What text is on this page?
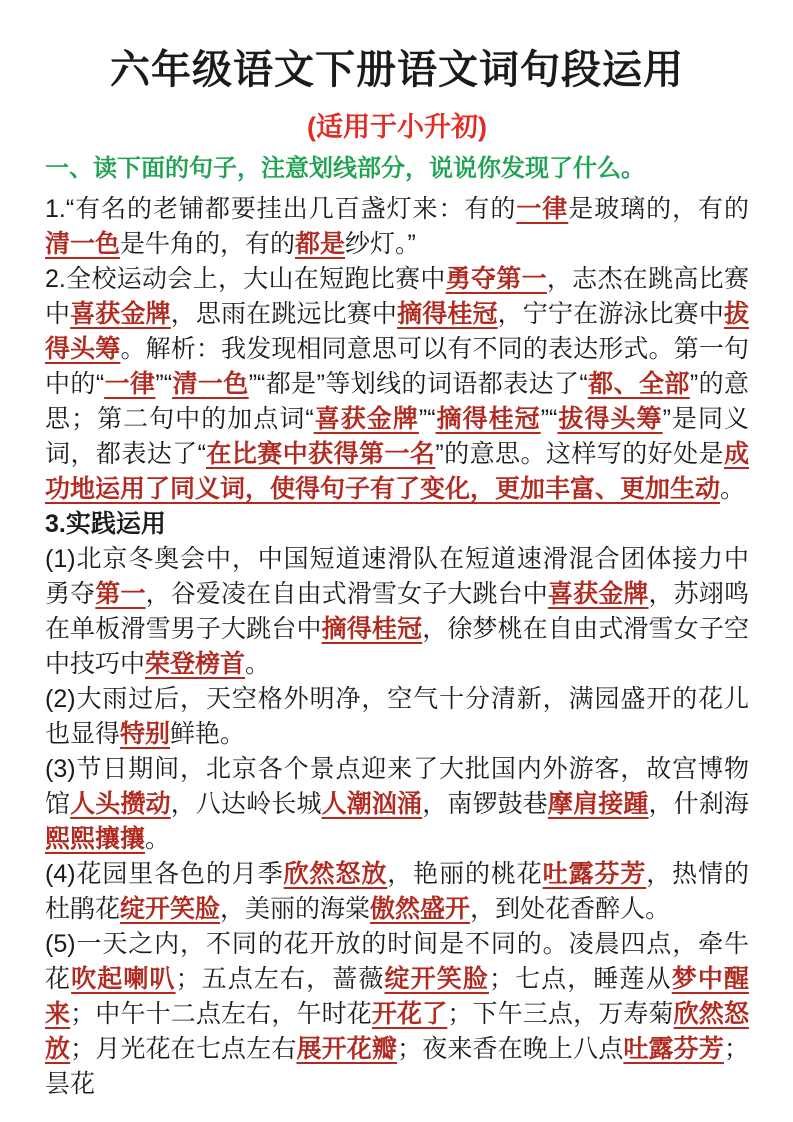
六年级语文下册语文词句段运用
(适用于小升初)
一、读下面的句子，注意划线部分，说说你发现了什么。

1.“有名的老铺都要挂出几百盏灯来：有的一律是玻璃的，有的清一色是牛角的，有的都是纱灯。”

2.全校运动会上，大山在短跑比赛中勇夺第一，志杰在跳高比赛中喜获金牌，思雨在跳远比赛中摘得桂冠，宁宁在游泳比赛中拔得头筹。解析：我发现相同意思可以有不同的表达形式。第一句中的“一律”“清一色”“都是”等划线的词语都表达了“都、全部”的意思；第二句中的加点词“喜获金牌”“摘得桂冠”“拔得头筹”是同义词，都表达了“在比赛中获得第一名”的意思。这样写的好处是成功地运用了同义词，使得句子有了变化，更加丰富、更加生动。

3.实践运用

(1)北京冬奥会中，中国短道速滑队在短道速滑混合团体接力中勇夺第一，谷爱凌在自由式滑雪女子大跳台中喜获金牌，苏翊鸣在单板滑雪男子大跳台中摘得桂冠，徐梦桃在自由式滑雪女子空中技巧中荣登榜首。

(2)大雨过后，天空格外明净，空气十分清新，满园盛开的花儿也显得特别鲜艳。

(3)节日期间，北京各个景点迎来了大批国内外游客，故宫博物馆人头攒动，八达岭长城人潮汹涌，南锣鼓巷摩肩接踵，什刹海熙熙攘攘。

(4)花园里各色的月季欣然怒放，艳丽的桃花吐露芬芳，热情的杜鹃花绽开笑脸，美丽的海棠傲然盛开，到处花香醉人。

(5)一天之内，不同的花开放的时间是不同的。凌晨四点，牵牛花吹起喇叭；五点左右，蔷薇绽开笑脸；七点，睡莲从梦中醒来；中午十二点左右，午时花开花了；下午三点，万寿菊欣然怒放；月光花在七点左右展开花瓣；夜来香在晚上八点吐露芬芳；昙花
